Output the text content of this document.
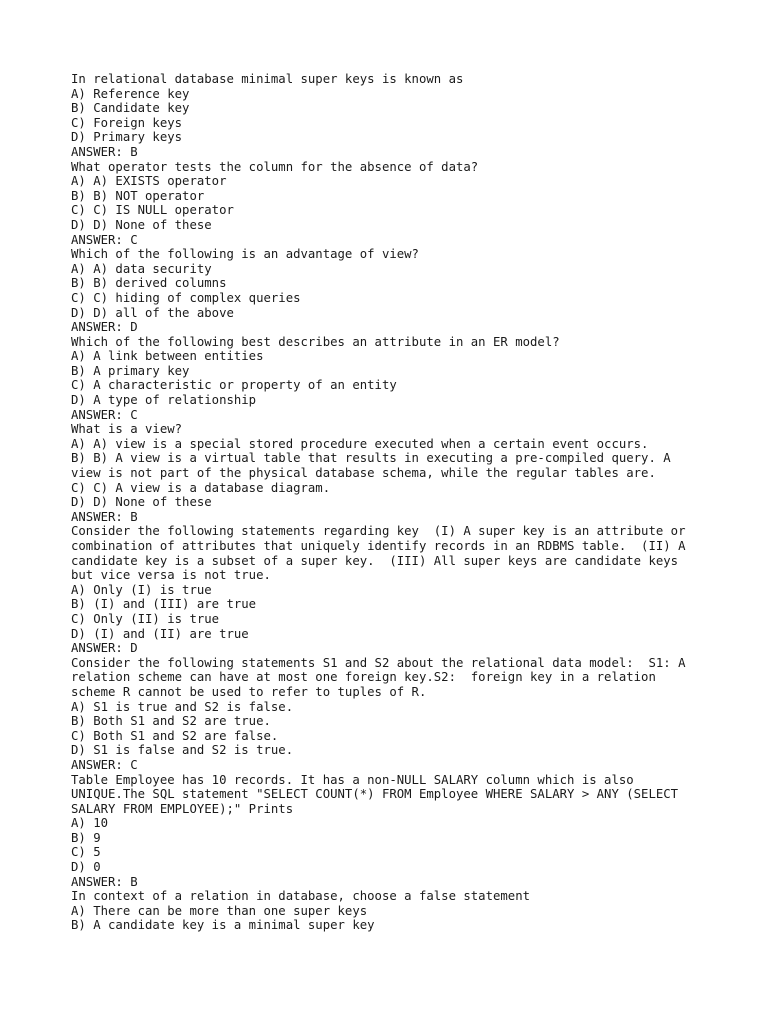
In relational database minimal super keys is known as
A) Reference key
B) Candidate key
C) Foreign keys
D) Primary keys
ANSWER: B
What operator tests the column for the absence of data?
A) A) EXISTS operator
B) B) NOT operator
C) C) IS NULL operator
D) D) None of these
ANSWER: C
Which of the following is an advantage of view?
A) A) data security
B) B) derived columns
C) C) hiding of complex queries
D) D) all of the above
ANSWER: D
Which of the following best describes an attribute in an ER model?
A) A link between entities
B) A primary key
C) A characteristic or property of an entity
D) A type of relationship
ANSWER: C
What is a view?
A) A) view is a special stored procedure executed when a certain event occurs.
B) B) A view is a virtual table that results in executing a pre-compiled query. A
view is not part of the physical database schema, while the regular tables are.
C) C) A view is a database diagram.
D) D) None of these
ANSWER: B
Consider the following statements regarding key  (I) A super key is an attribute or
combination of attributes that uniquely identify records in an RDBMS table.  (II) A
candidate key is a subset of a super key.  (III) All super keys are candidate keys
but vice versa is not true.
A) Only (I) is true
B) (I) and (III) are true
C) Only (II) is true
D) (I) and (II) are true
ANSWER: D
Consider the following statements S1 and S2 about the relational data model:  S1: A
relation scheme can have at most one foreign key.S2:  foreign key in a relation
scheme R cannot be used to refer to tuples of R.
A) S1 is true and S2 is false.
B) Both S1 and S2 are true.
C) Both S1 and S2 are false.
D) S1 is false and S2 is true.
ANSWER: C
Table Employee has 10 records. It has a non-NULL SALARY column which is also
UNIQUE.The SQL statement "SELECT COUNT(*) FROM Employee WHERE SALARY > ANY (SELECT
SALARY FROM EMPLOYEE);" Prints
A) 10
B) 9
C) 5
D) 0
ANSWER: B
In context of a relation in database, choose a false statement
A) There can be more than one super keys
B) A candidate key is a minimal super key
